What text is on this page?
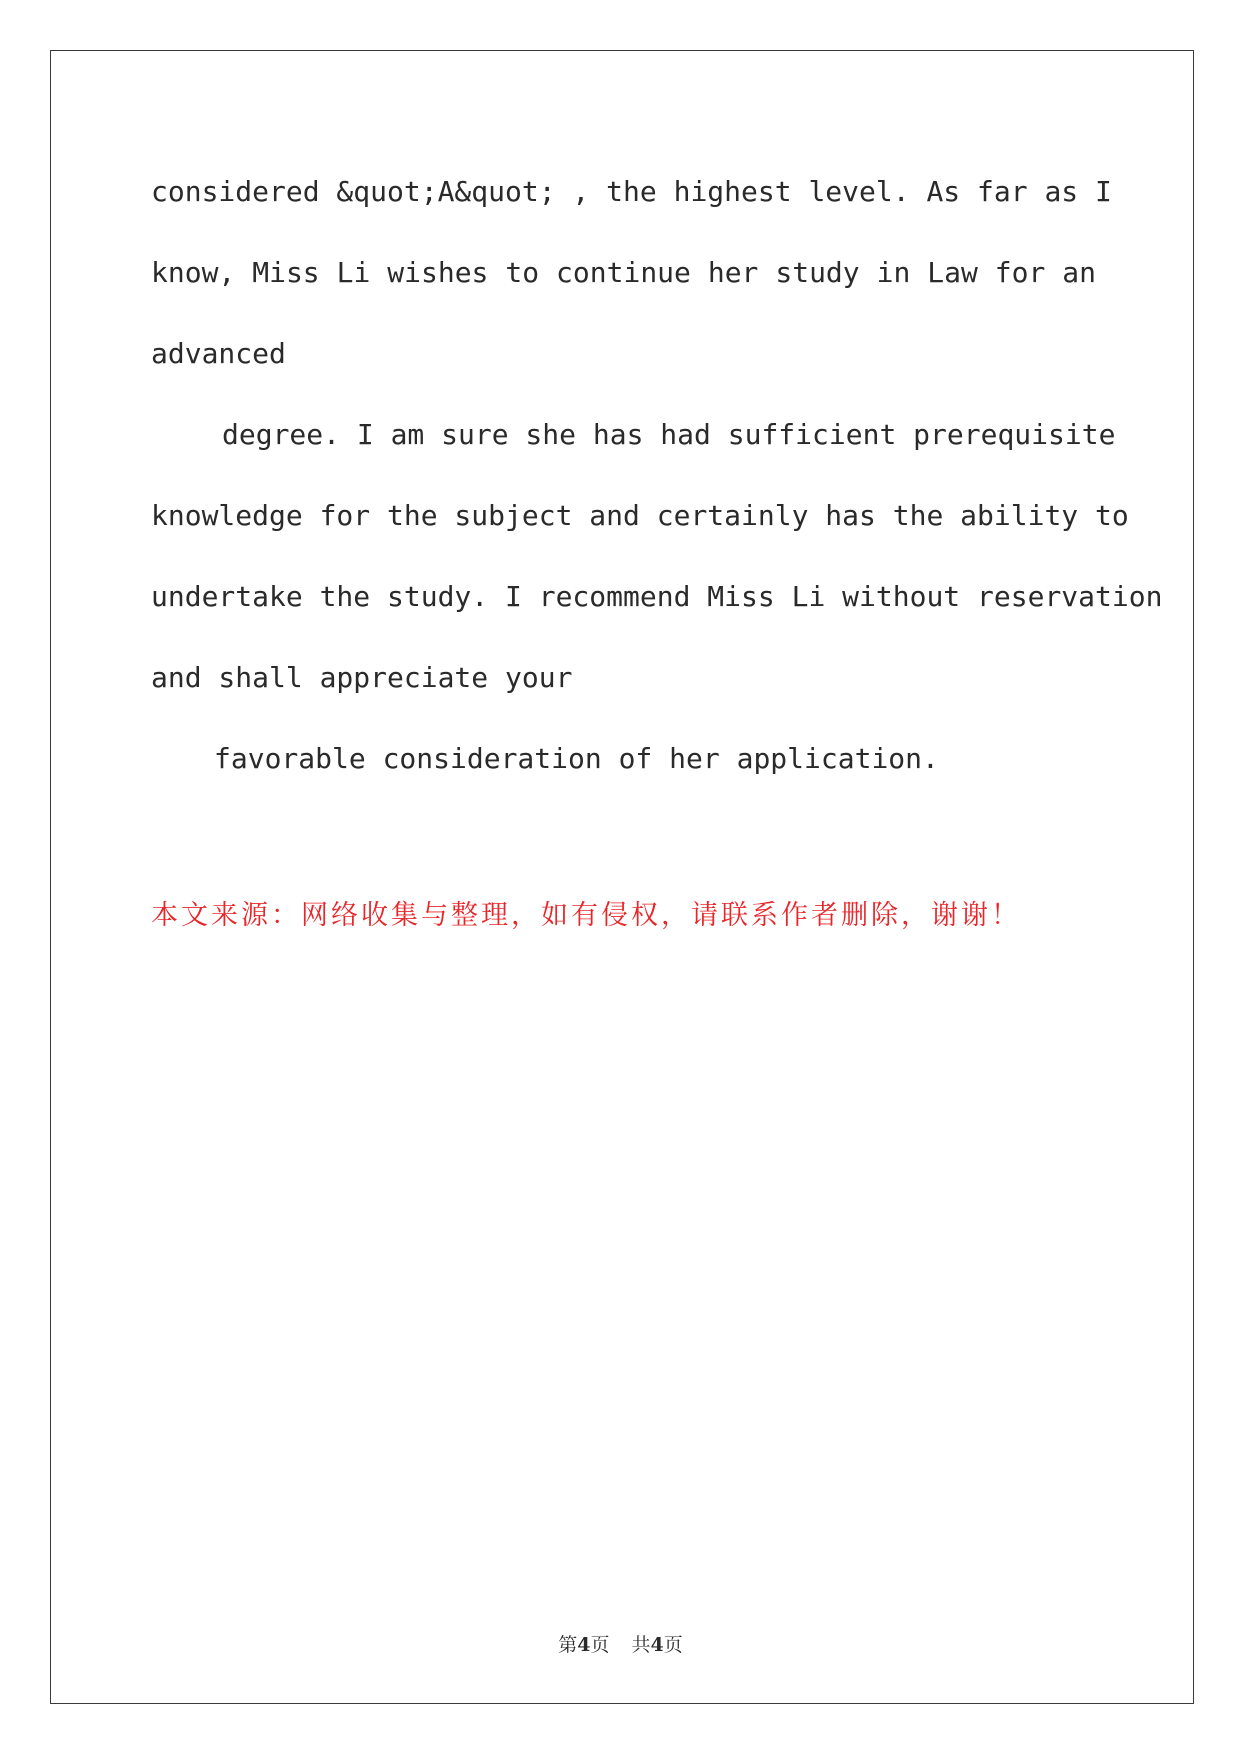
considered &quot;A&quot; , the highest level. As far as I
know, Miss Li wishes to continue her study in Law for an
advanced
degree. I am sure she has had sufficient prerequisite
knowledge for the subject and certainly has the ability to
undertake the study. I recommend Miss Li without reservation
and shall appreciate your
favorable consideration of her application.
本文来源：网络收集与整理，如有侵权，请联系作者删除，谢谢！
第4页 共4页
